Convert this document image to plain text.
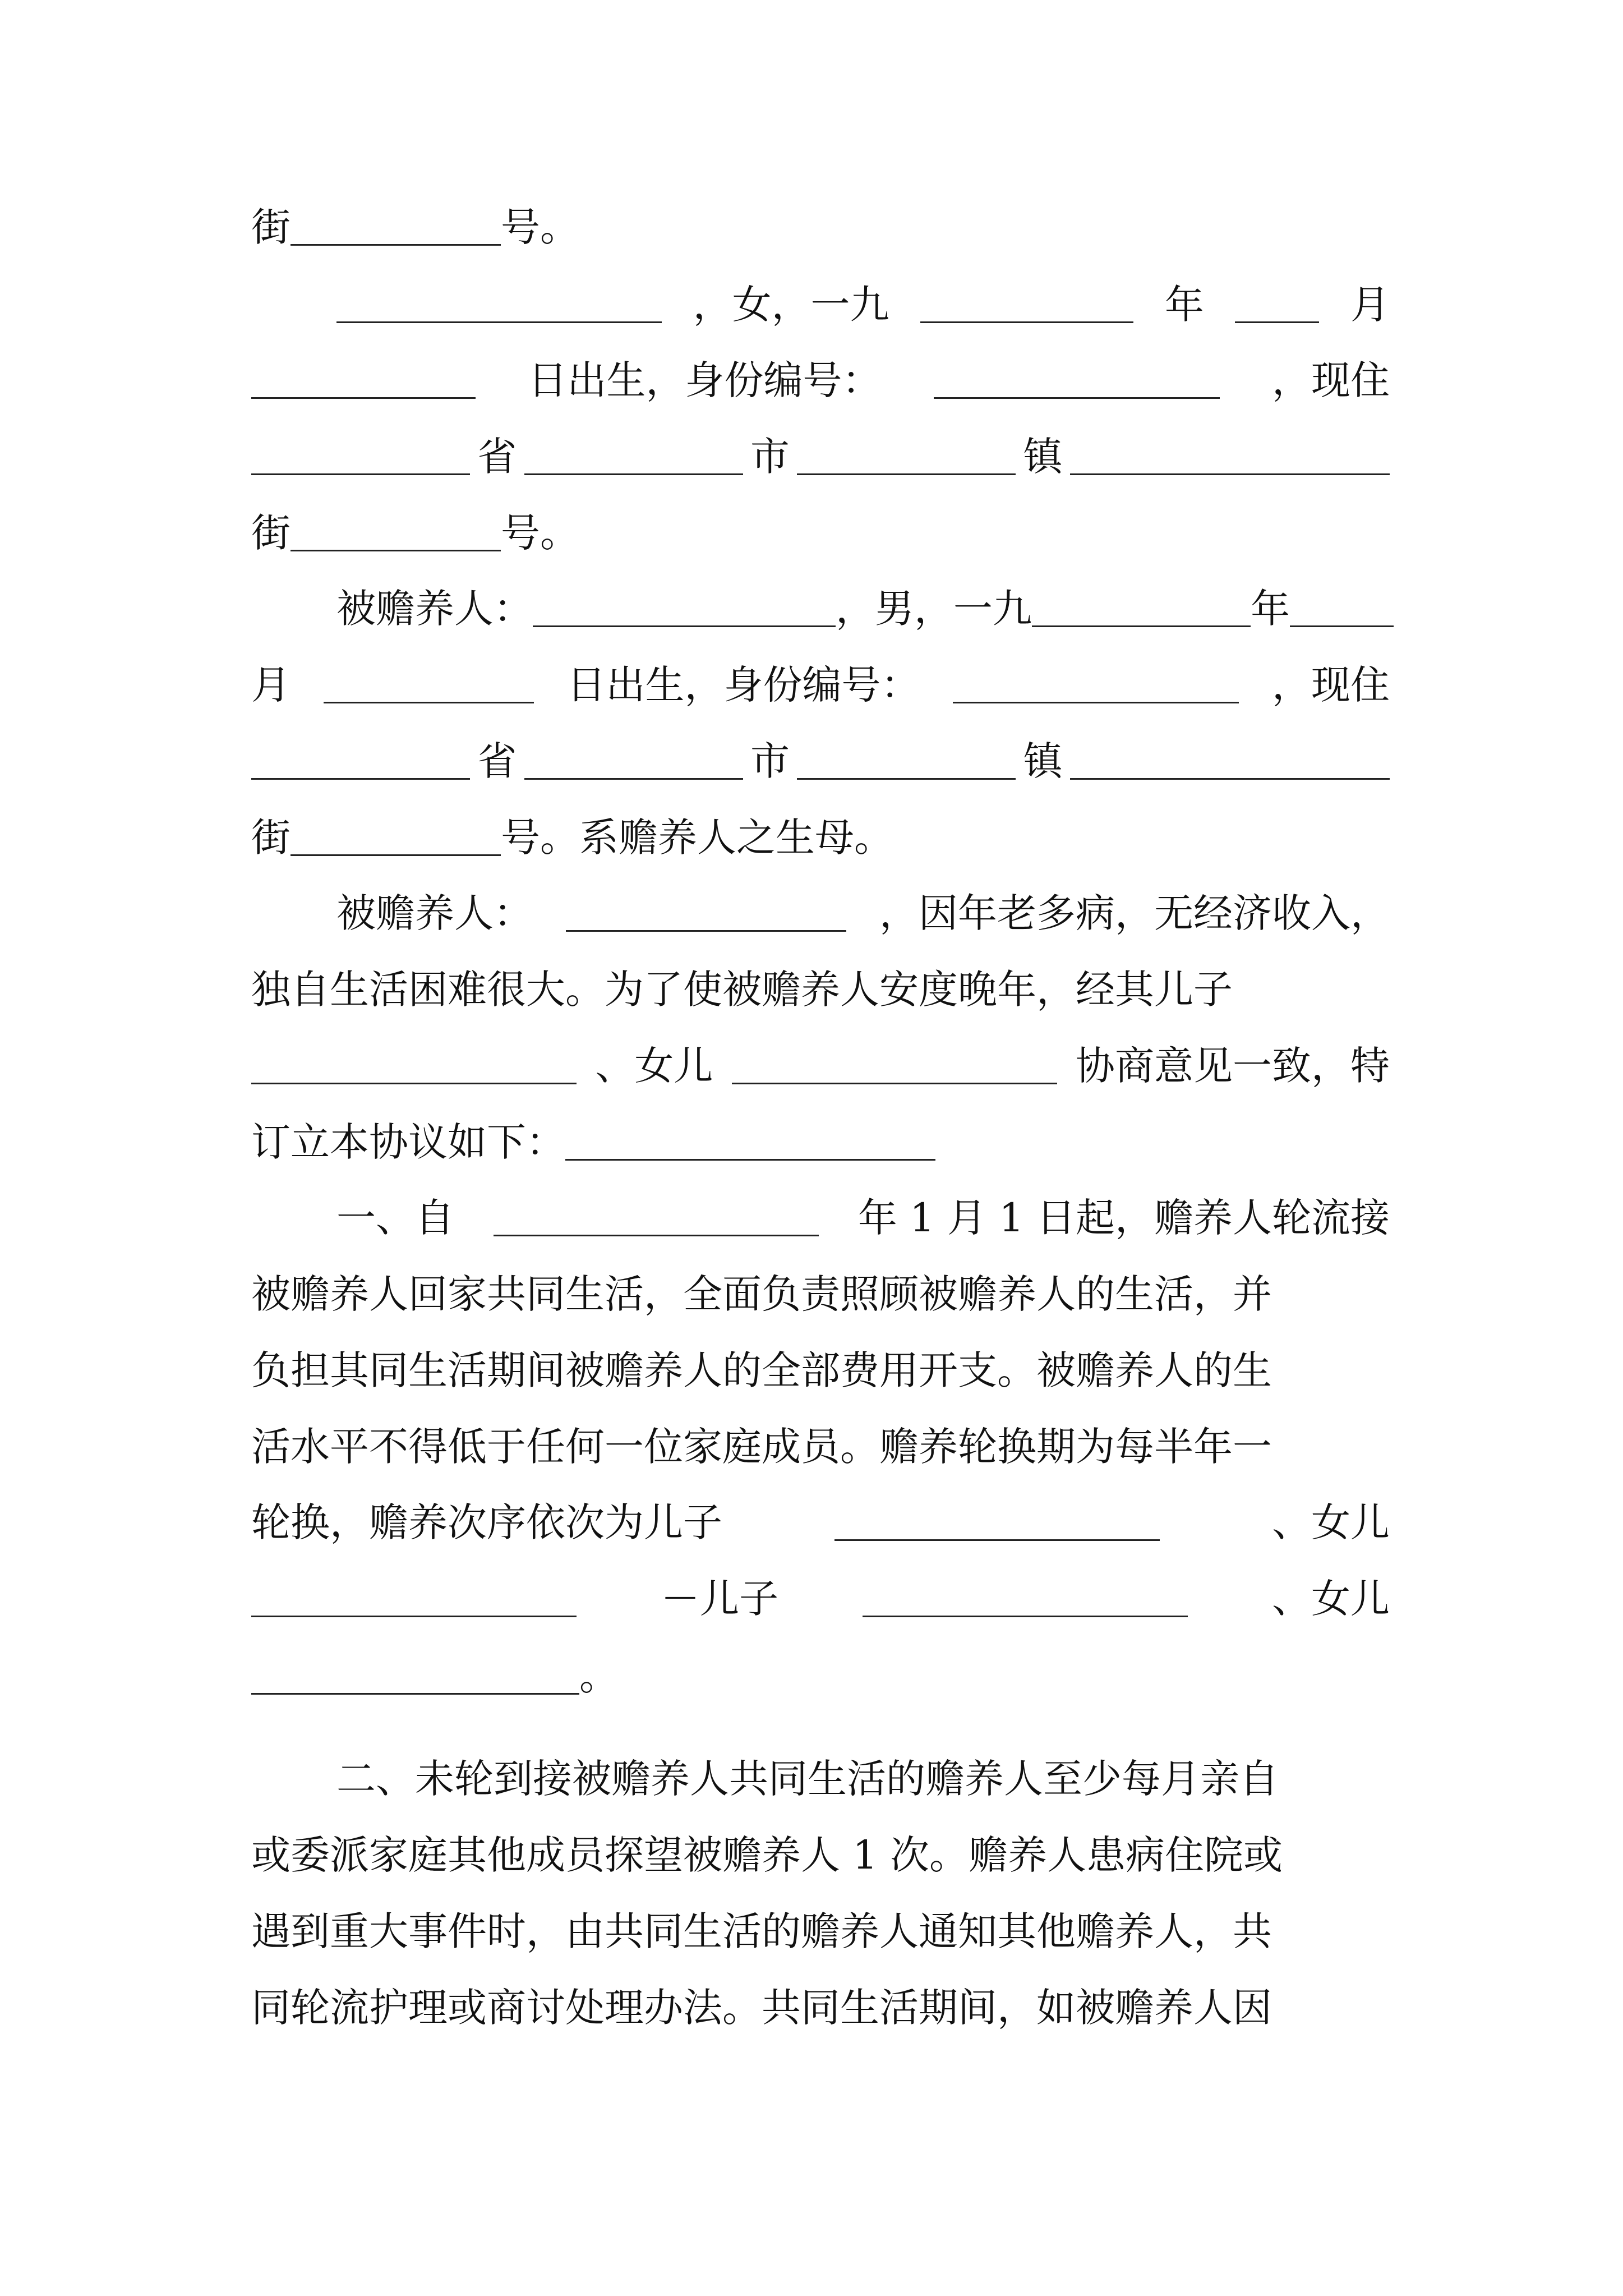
街	号。
，女，一九	年	月
日出生，身份编号：	，现住
省	市	镇
街	号。
被赡养人：	，男，一九	年
月	日出生，身份编号：	，现住
省	市	镇
街	号。系赡养人之生母。
被赡养人：	，因年老多病，无经济收入，
独自生活困难很大。为了使被赡养人安度晚年，经其儿子
、女儿	协商意见一致，特
订立本协议如下：
一、自	年 1 月 1 日起，赡养人轮流接
被赡养人回家共同生活，全面负责照顾被赡养人的生活，并
负担其同生活期间被赡养人的全部费用开支。被赡养人的生
活水平不得低于任何一位家庭成员。赡养轮换期为每半年一
轮换，赡养次序依次为儿子	、女儿
－儿子	、女儿
。
二、未轮到接被赡养人共同生活的赡养人至少每月亲自
或委派家庭其他成员探望被赡养人 1 次。赡养人患病住院或
遇到重大事件时，由共同生活的赡养人通知其他赡养人，共
同轮流护理或商讨处理办法。共同生活期间，如被赡养人因
